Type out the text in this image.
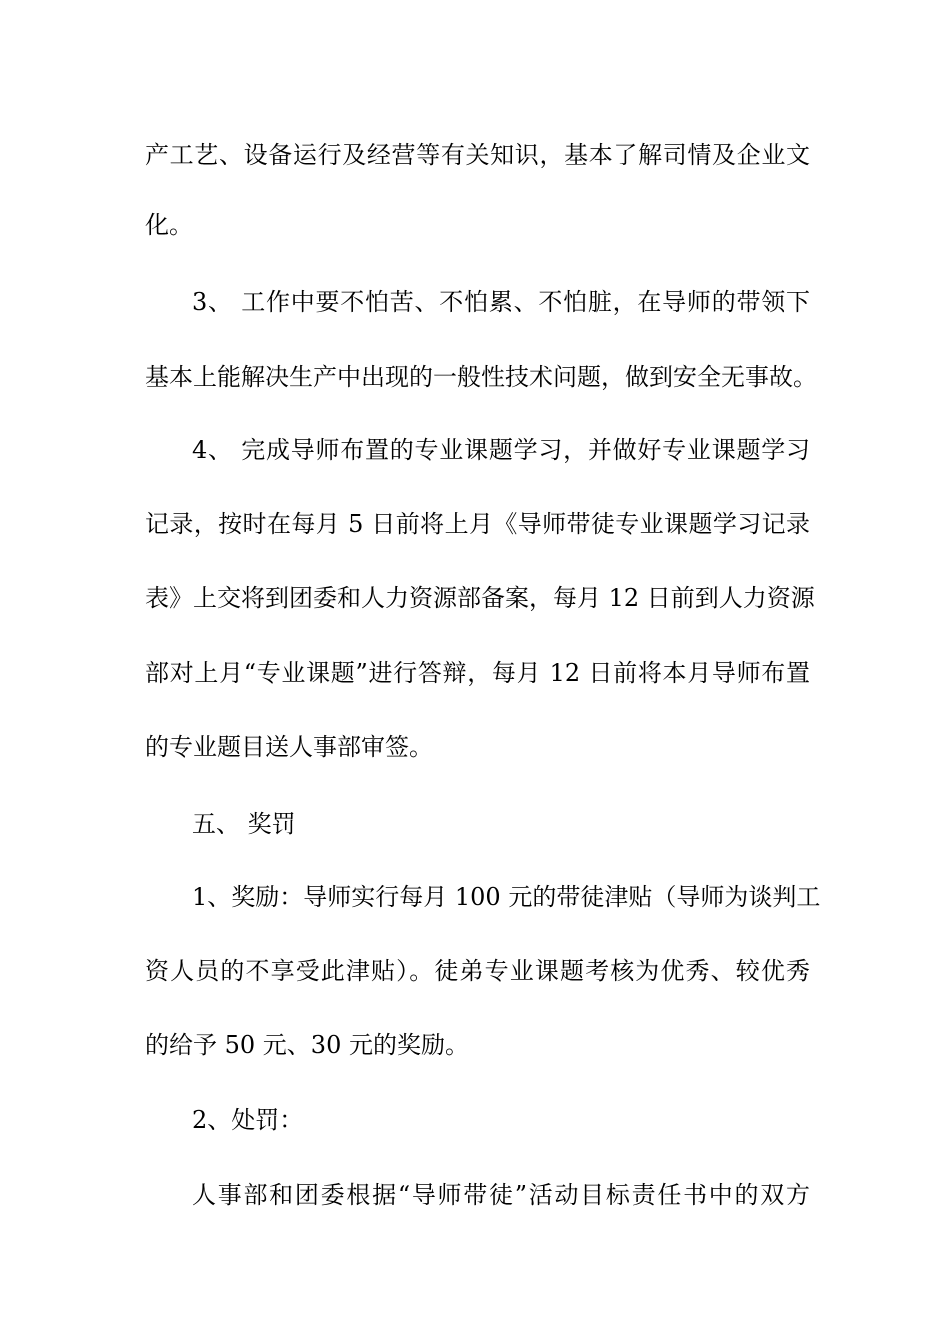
产工艺、设备运行及经营等有关知识，基本了解司情及企业文
化。
3、 工作中要不怕苦、不怕累、不怕脏，在导师的带领下
基本上能解决生产中出现的一般性技术问题，做到安全无事故。
4、 完成导师布置的专业课题学习，并做好专业课题学习
记录，按时在每月 5 日前将上月《导师带徒专业课题学习记录
表》上交将到团委和人力资源部备案，每月 12 日前到人力资源
部对上月“专业课题”进行答辩，每月 12 日前将本月导师布置
的专业题目送人事部审签。
五、 奖罚
1、奖励：导师实行每月 100 元的带徒津贴（导师为谈判工
资人员的不享受此津贴）。徒弟专业课题考核为优秀、较优秀
的给予 50 元、30 元的奖励。
2、处罚：
人事部和团委根据“导师带徒”活动目标责任书中的双方
